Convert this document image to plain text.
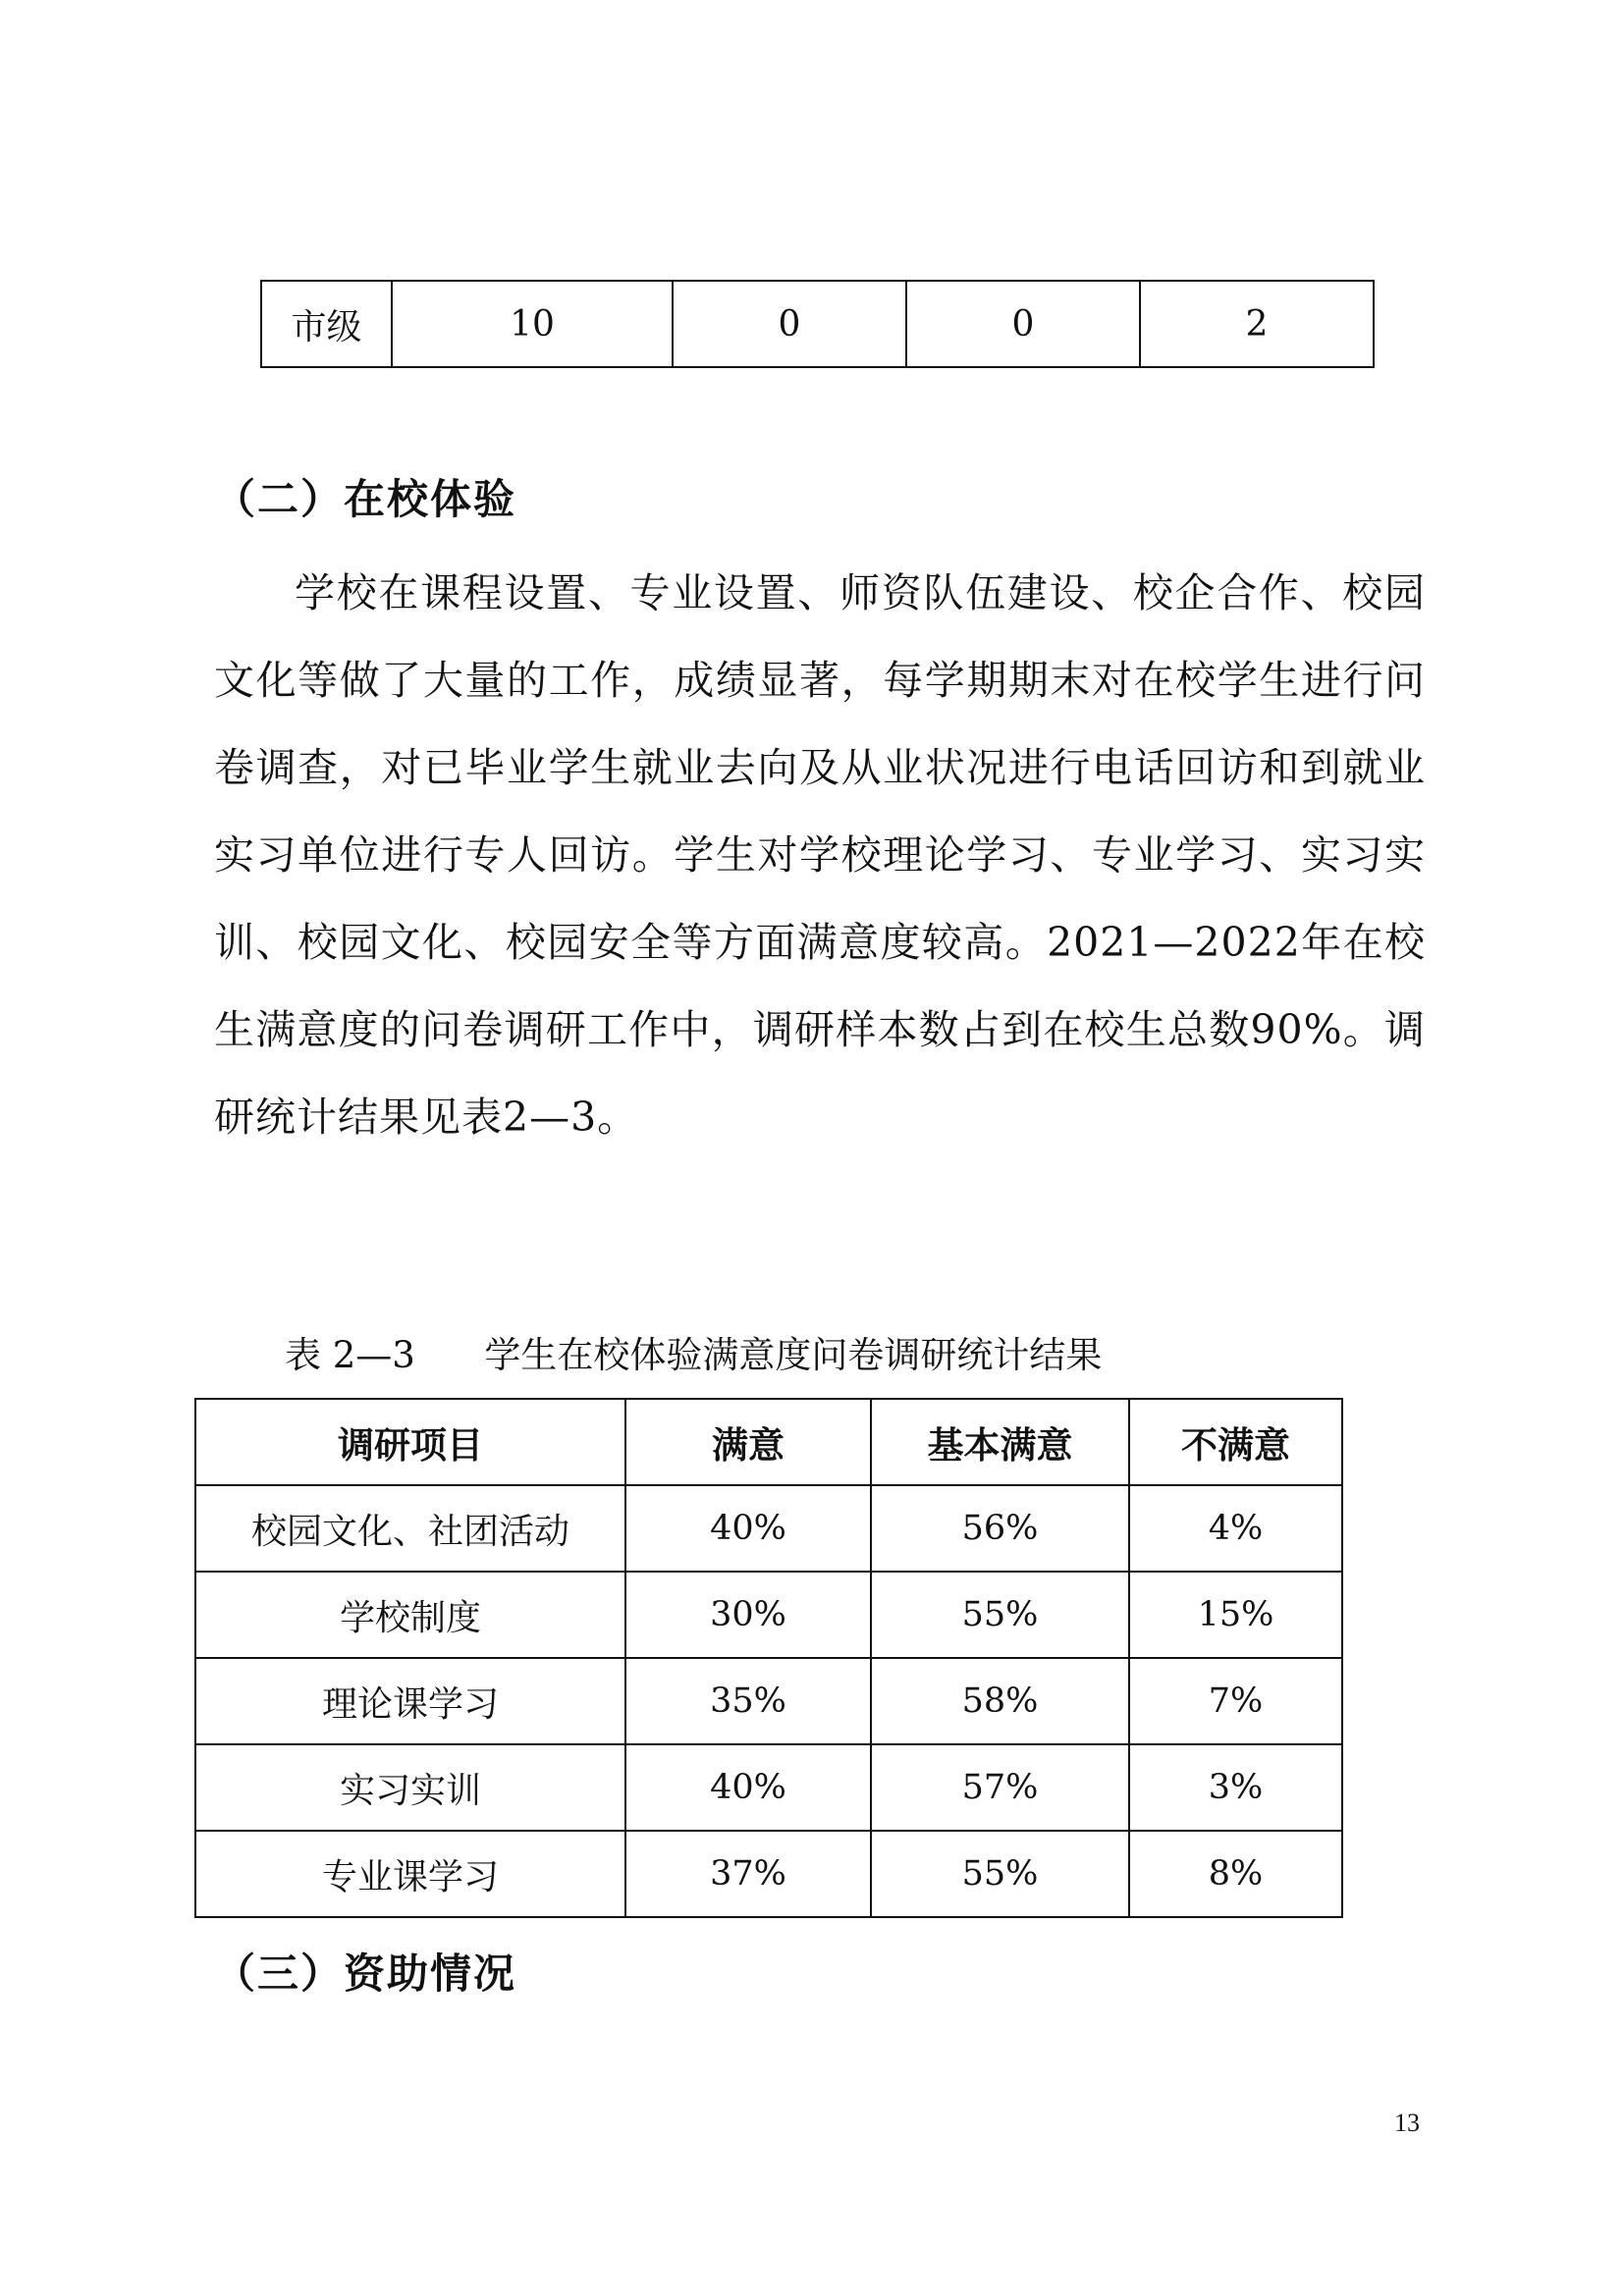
市级	10	0	0	2
（二）在校体验

学校在课程设置、专业设置、师资队伍建设、校企合作、校园文化等做了大量的工作，成绩显著，每学期期末对在校学生进行问卷调查，对已毕业学生就业去向及从业状况进行电话回访和到就业实习单位进行专人回访。学生对学校理论学习、专业学习、实习实训、校园文化、校园安全等方面满意度较高。2021—2022年在校生满意度的问卷调研工作中，调研样本数占到在校生总数90%。调研统计结果见表2—3。

表 2—3      学生在校体验满意度问卷调研统计结果

调研项目	满意	基本满意	不满意
校园文化、社团活动	40%	56%	4%
学校制度	30%	55%	15%
理论课学习	35%	58%	7%
实习实训	40%	57%	3%
专业课学习	37%	55%	8%
（三）资助情况
13
